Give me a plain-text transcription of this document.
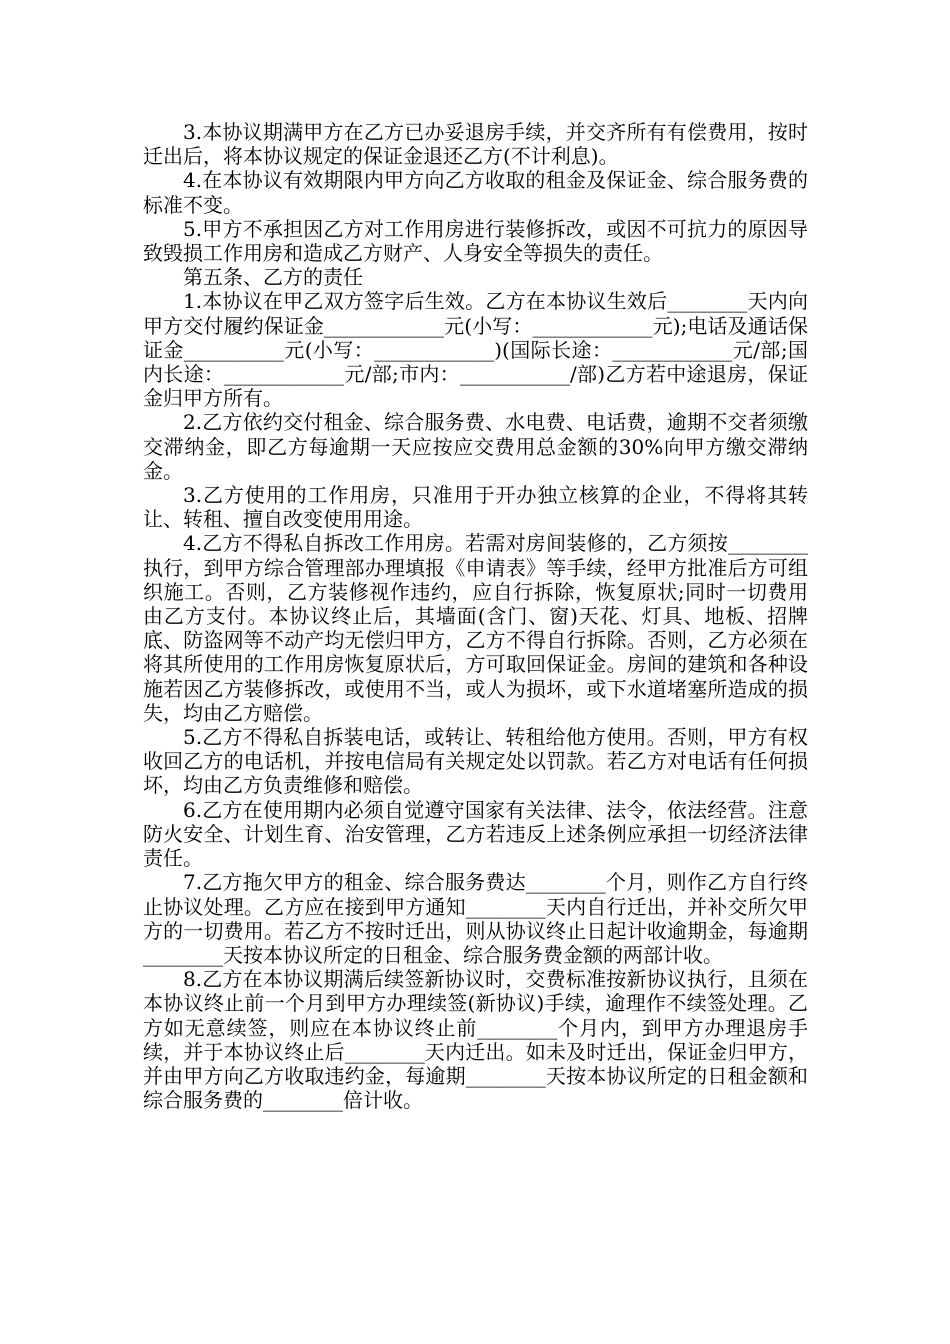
3.本协议期满甲方在乙方已办妥退房手续，并交齐所有有偿费用，按时迁出后，将本协议规定的保证金退还乙方(不计利息)。

4.在本协议有效期限内甲方向乙方收取的租金及保证金、综合服务费的标准不变。

5.甲方不承担因乙方对工作用房进行装修拆改，或因不可抗力的原因导致毁损工作用房和造成乙方财产、人身安全等损失的责任。

第五条、乙方的责任

1.本协议在甲乙双方签字后生效。乙方在本协议生效后________天内向甲方交付履约保证金____________元(小写：____________元);电话及通话保证金__________元(小写：____________)(国际长途：____________元/部;国内长途：____________元/部;市内：___________/部)乙方若中途退房，保证金归甲方所有。

2.乙方依约交付租金、综合服务费、水电费、电话费，逾期不交者须缴交滞纳金，即乙方每逾期一天应按应交费用总金额的30%向甲方缴交滞纳金。

3.乙方使用的工作用房，只准用于开办独立核算的企业，不得将其转让、转租、擅自改变使用用途。

4.乙方不得私自拆改工作用房。若需对房间装修的，乙方须按________执行，到甲方综合管理部办理填报《申请表》等手续，经甲方批准后方可组织施工。否则，乙方装修视作违约，应自行拆除，恢复原状;同时一切费用由乙方支付。本协议终止后，其墙面(含门、窗)天花、灯具、地板、招牌底、防盗网等不动产均无偿归甲方，乙方不得自行拆除。否则，乙方必须在将其所使用的工作用房恢复原状后，方可取回保证金。房间的建筑和各种设施若因乙方装修拆改，或使用不当，或人为损坏，或下水道堵塞所造成的损失，均由乙方赔偿。

5.乙方不得私自拆装电话，或转让、转租给他方使用。否则，甲方有权收回乙方的电话机，并按电信局有关规定处以罚款。若乙方对电话有任何损坏，均由乙方负责维修和赔偿。

6.乙方在使用期内必须自觉遵守国家有关法律、法令，依法经营。注意防火安全、计划生育、治安管理，乙方若违反上述条例应承担一切经济法律责任。

7.乙方拖欠甲方的租金、综合服务费达________个月，则作乙方自行终止协议处理。乙方应在接到甲方通知________天内自行迁出，并补交所欠甲方的一切费用。若乙方不按时迁出，则从协议终止日起计收逾期金，每逾期________天按本协议所定的日租金、综合服务费金额的两部计收。

8.乙方在本协议期满后续签新协议时，交费标准按新协议执行，且须在本协议终止前一个月到甲方办理续签(新协议)手续，逾理作不续签处理。乙方如无意续签，则应在本协议终止前________个月内，到甲方办理退房手续，并于本协议终止后________天内迁出。如未及时迁出，保证金归甲方，并由甲方向乙方收取违约金，每逾期________天按本协议所定的日租金额和综合服务费的________倍计收。
